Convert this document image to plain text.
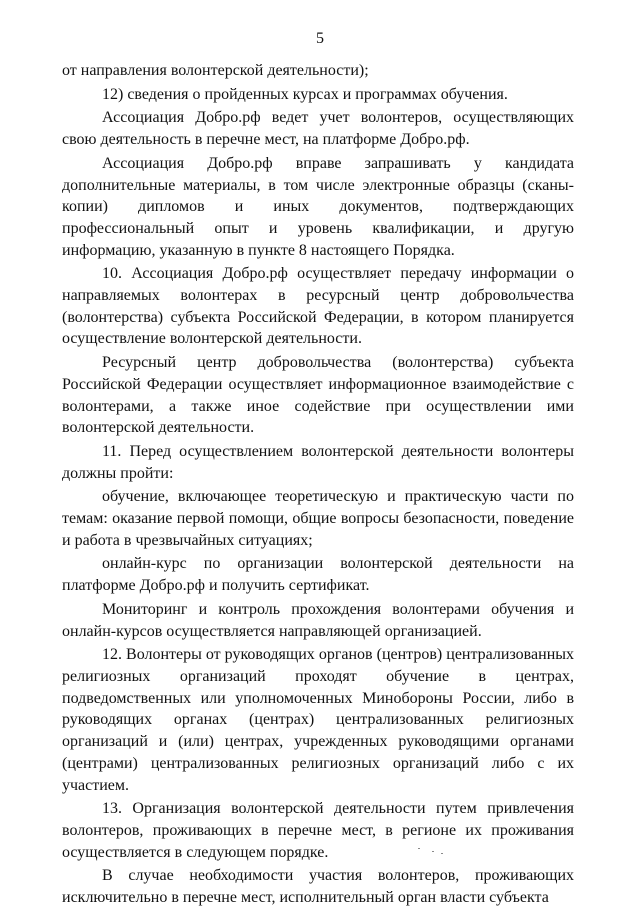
5

от направления волонтерской деятельности);

12) сведения о пройденных курсах и программах обучения.

Ассоциация Добро.рф ведет учет волонтеров, осуществляющих свою деятельность в перечне мест, на платформе Добро.рф.

Ассоциация Добро.рф вправе запрашивать у кандидата дополнительные материалы, в том числе электронные образцы (сканы-копии) дипломов и иных документов, подтверждающих профессиональный опыт и уровень квалификации, и другую информацию, указанную в пункте 8 настоящего Порядка.

10. Ассоциация Добро.рф осуществляет передачу информации о направляемых волонтерах в ресурсный центр добровольчества (волонтерства) субъекта Российской Федерации, в котором планируется осуществление волонтерской деятельности.

Ресурсный центр добровольчества (волонтерства) субъекта Российской Федерации осуществляет информационное взаимодействие с волонтерами, а также иное содействие при осуществлении ими волонтерской деятельности.

11. Перед осуществлением волонтерской деятельности волонтеры должны пройти:

обучение, включающее теоретическую и практическую части по темам: оказание первой помощи, общие вопросы безопасности, поведение и работа в чрезвычайных ситуациях;

онлайн-курс по организации волонтерской деятельности на платформе Добро.рф и получить сертификат.

Мониторинг и контроль прохождения волонтерами обучения и онлайн-курсов осуществляется направляющей организацией.

12. Волонтеры от руководящих органов (центров) централизованных религиозных организаций проходят обучение в центрах, подведомственных или уполномоченных Минобороны России, либо в руководящих органах (центрах) централизованных религиозных организаций и (или) центрах, учрежденных руководящими органами (центрами) централизованных религиозных организаций либо с их участием.

13. Организация волонтерской деятельности путем привлечения волонтеров, проживающих в перечне мест, в регионе их проживания осуществляется в следующем порядке.

В случае необходимости участия волонтеров, проживающих исключительно в перечне мест, исполнительный орган власти субъекта
